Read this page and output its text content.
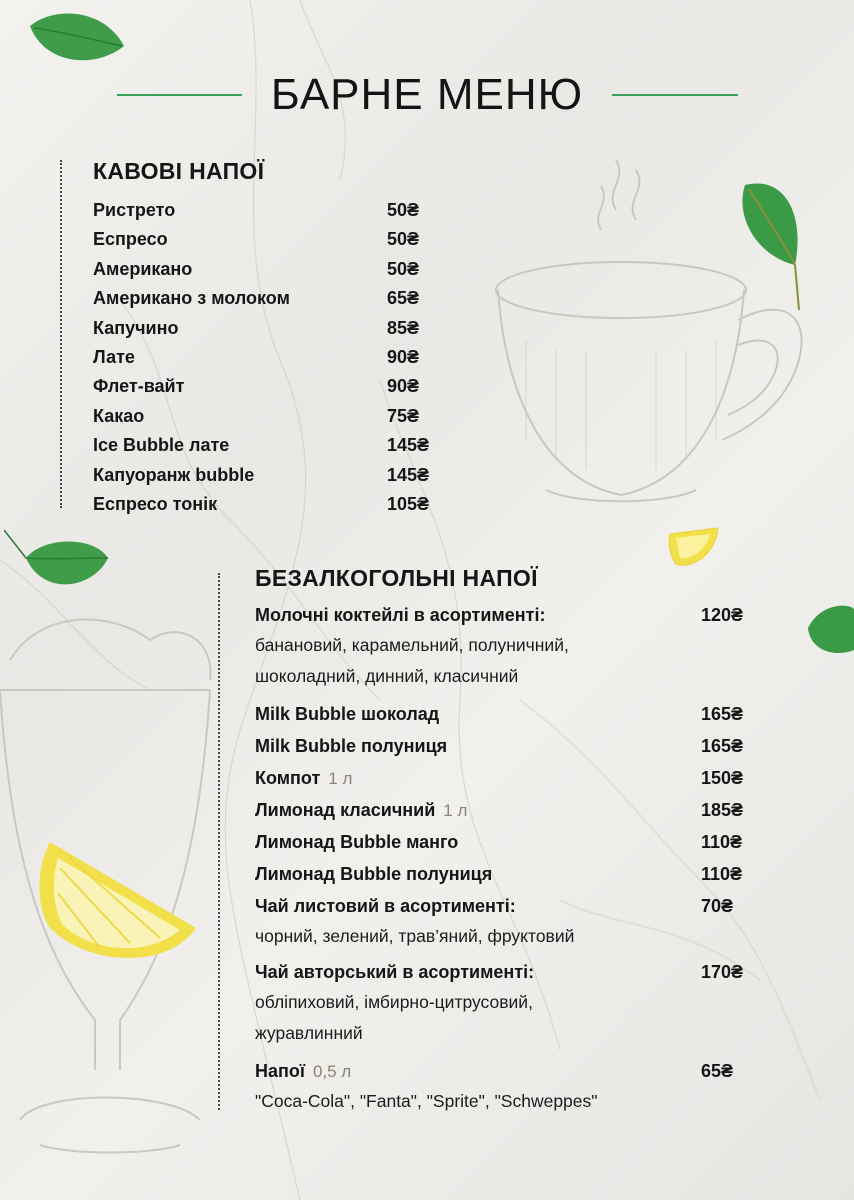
БАРНЕ МЕНЮ
КАВОВІ НАПОЇ
Ристрето	50₴
Еспресо	50₴
Американо	50₴
Американо з молоком	65₴
Капучино	85₴
Лате	90₴
Флет-вайт	90₴
Какао	75₴
Ice Bubble лате	145₴
Капуоранж bubble	145₴
Еспресо тонік	105₴
БЕЗАЛКОГОЛЬНІ НАПОЇ
Молочні коктейлі в асортименті:	120₴
банановий, карамельний, полуничний, шоколадний, динний, класичний
Milk Bubble шоколад	165₴
Milk Bubble полуниця	165₴
Компот 1 л	150₴
Лимонад класичний 1 л	185₴
Лимонад Bubble манго	110₴
Лимонад Bubble полуниця	110₴
Чай листовий в асортименті:	70₴
чорний, зелений, трав’яний, фруктовий
Чай авторський в асортименті:	170₴
обліпиховий, імбирно-цитрусовий, журавлинний
Напої 0,5 л	65₴
"Coca-Cola", "Fanta", "Sprite", "Schweppes"
